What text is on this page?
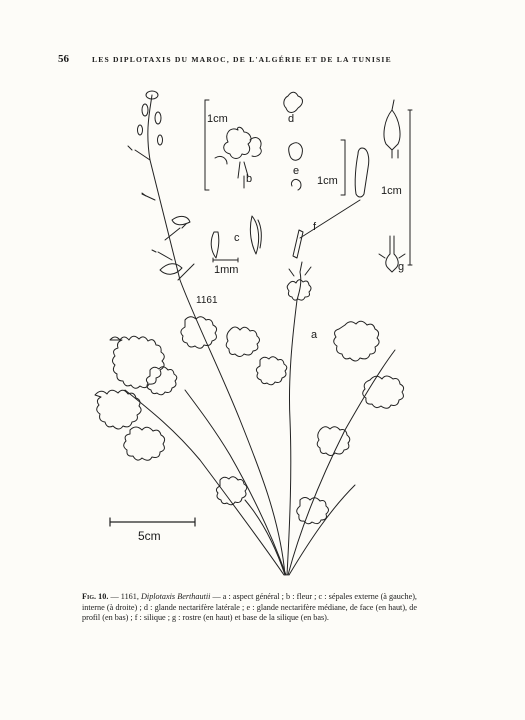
56	LES DIPLOTAXIS DU MAROC, DE L'ALGÉRIE ET DE LA TUNISIE
1cm
b
c
1mm
d
e
1cm
f
1cm
g
1161
a
5cm
Fig. 10. — 1161, Diplotaxis Berthautii — a : aspect général ; b : fleur ; c : sépales externe (à gauche), interne (à droite) ; d : glande nectarifère latérale ; e : glande nectarifère médiane, de face (en haut), de profil (en bas) ; f : silique ; g : rostre (en haut) et base de la silique (en bas).
